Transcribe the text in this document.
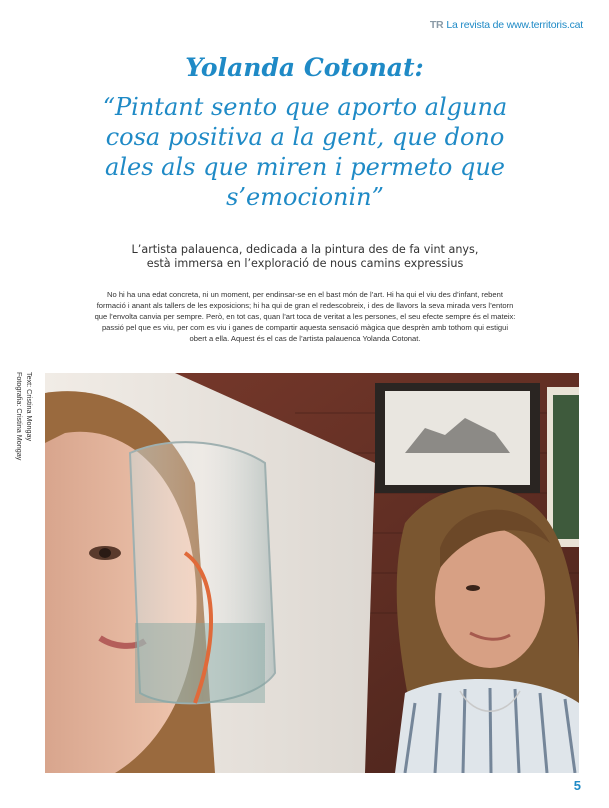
TR La revista de www.territoris.cat
Yolanda Cotonat:

“Pintant sento que aporto alguna cosa positiva a la gent, que dono ales als que miren i permeto que s’emocionin”

L’artista palauenca, dedicada a la pintura des de fa vint anys,
està immersa en l’exploració de nous camins expressius

No hi ha una edat concreta, ni un moment, per endinsar-se en el bast món de l’art. Hi ha qui el viu des d’infant, rebent
formació i anant als tallers de les exposicions; hi ha qui de gran el redescobreix, i des de llavors la seva mirada vers l’entorn
que l’envolta canvia per sempre. Però, en tot cas, quan l’art toca de veritat a les persones, el seu efecte sempre és el mateix:
passió pel que es viu, per com es viu i ganes de compartir aquesta sensació màgica que desprèn amb tothom qui estigui
obert a ella. Aquest és el cas de l’artista palauenca Yolanda Cotonat.

Text: Cristina Mongay
Fotografia: Cristina Mongay
5
